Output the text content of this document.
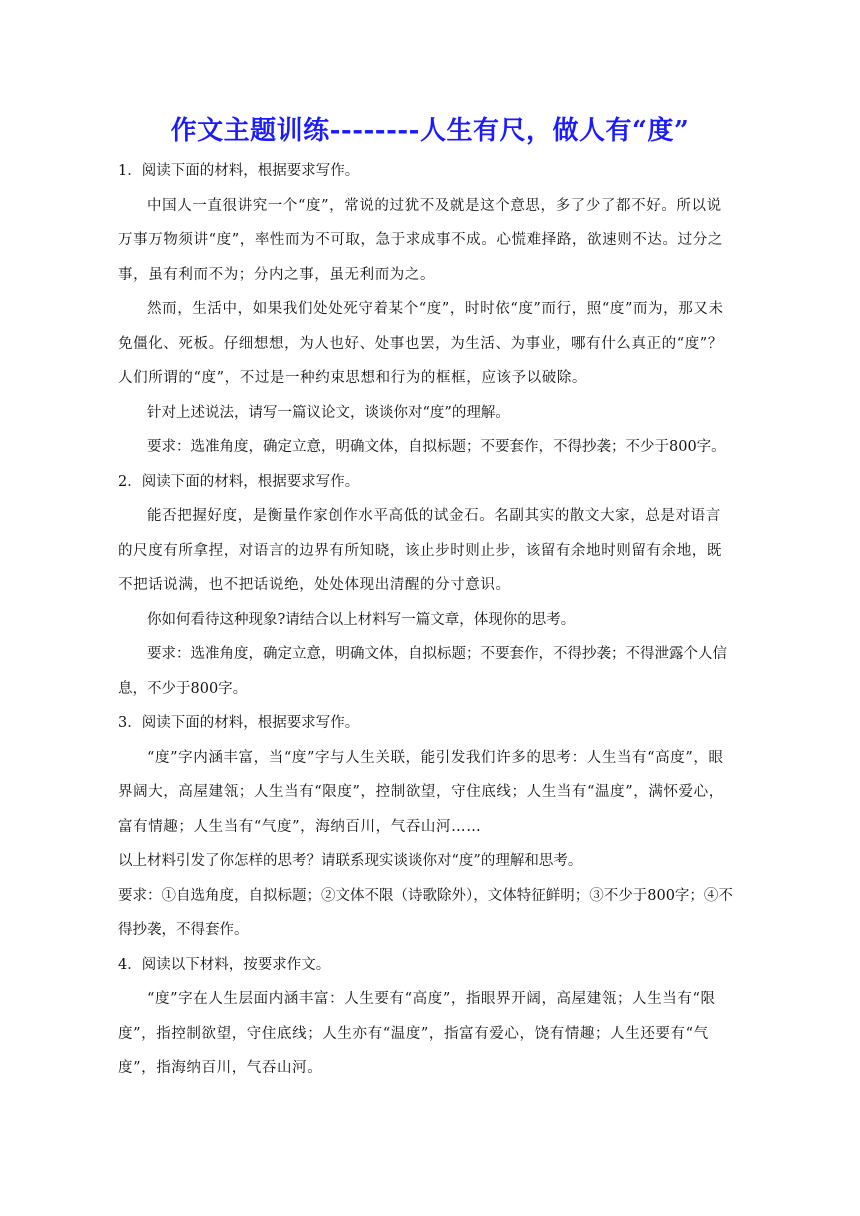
作文主题训练--------人生有尺，做人有“度”

1．阅读下面的材料，根据要求写作。

中国人一直很讲究一个“度”，常说的过犹不及就是这个意思，多了少了都不好。所以说万事万物须讲“度”，率性而为不可取，急于求成事不成。心慌难择路，欲速则不达。过分之事，虽有利而不为；分内之事，虽无利而为之。

然而，生活中，如果我们处处死守着某个“度”，时时依“度”而行，照“度”而为，那又未免僵化、死板。仔细想想，为人也好、处事也罢，为生活、为事业，哪有什么真正的“度”？人们所谓的“度”，不过是一种约束思想和行为的框框，应该予以破除。

针对上述说法，请写一篇议论文，谈谈你对“度”的理解。

要求：选准角度，确定立意，明确文体，自拟标题；不要套作，不得抄袭；不少于800字。

2．阅读下面的材料，根据要求写作。

能否把握好度，是衡量作家创作水平高低的试金石。名副其实的散文大家，总是对语言的尺度有所拿捏，对语言的边界有所知晓，该止步时则止步，该留有余地时则留有余地，既不把话说满，也不把话说绝，处处体现出清醒的分寸意识。

你如何看待这种现象?请结合以上材料写一篇文章，体现你的思考。

要求：选准角度，确定立意，明确文体，自拟标题；不要套作，不得抄袭；不得泄露个人信息，不少于800字。

3．阅读下面的材料，根据要求写作。

“度”字内涵丰富，当“度”字与人生关联，能引发我们许多的思考：人生当有“高度”，眼界阔大，高屋建瓴；人生当有“限度”，控制欲望，守住底线；人生当有“温度”，满怀爱心，富有情趣；人生当有“气度”，海纳百川，气吞山河……

以上材料引发了你怎样的思考？请联系现实谈谈你对“度”的理解和思考。

要求：①自选角度，自拟标题；②文体不限（诗歌除外），文体特征鲜明；③不少于800字；④不得抄袭，不得套作。

4．阅读以下材料，按要求作文。

“度”字在人生层面内涵丰富：人生要有“高度”，指眼界开阔，高屋建瓴；人生当有“限度”，指控制欲望，守住底线；人生亦有“温度”，指富有爱心，饶有情趣；人生还要有“气度”，指海纳百川，气吞山河。
